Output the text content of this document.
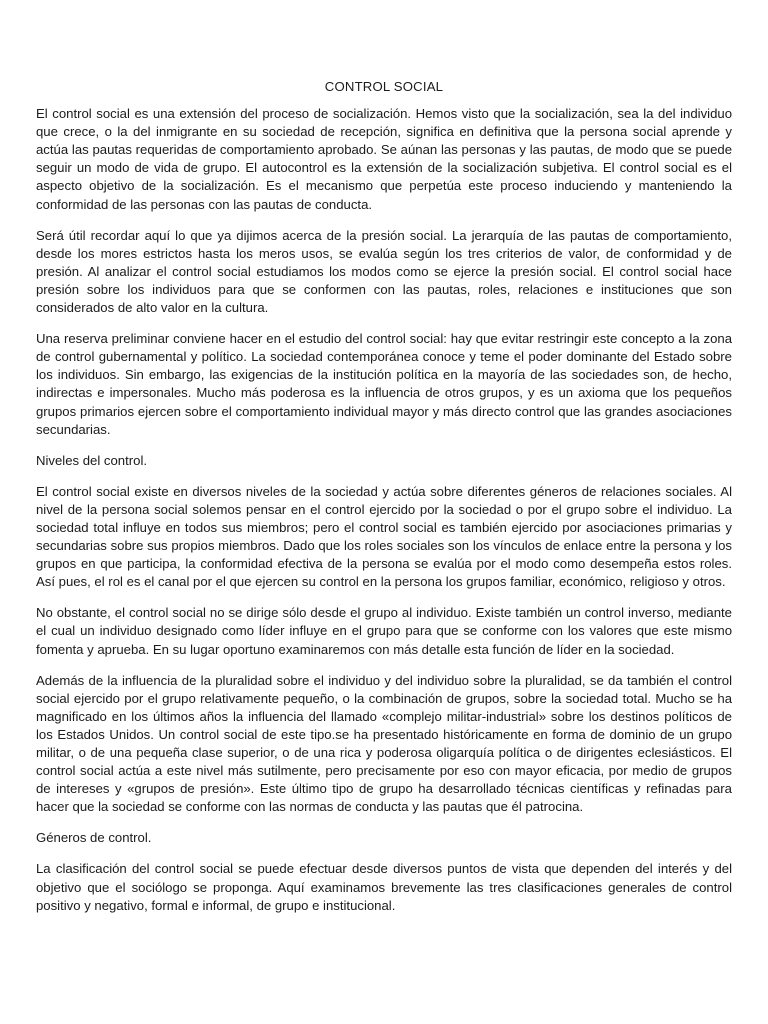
CONTROL SOCIAL

El control social es una extensión del proceso de socialización. Hemos visto que la socialización, sea la del individuo que crece, o la del inmigrante en su sociedad de recepción, significa en definitiva que la persona social aprende y actúa las pautas requeridas de comportamiento aprobado. Se aúnan las personas y las pautas, de modo que se puede seguir un modo de vida de grupo. El autocontrol es la extensión de la socialización subjetiva. El control social es el aspecto objetivo de la socialización. Es el mecanismo que perpetúa este proceso induciendo y manteniendo la conformidad de las personas con las pautas de conducta.

Será útil recordar aquí lo que ya dijimos acerca de la presión social. La jerarquía de las pautas de comportamiento, desde los mores estrictos hasta los meros usos, se evalúa según los tres criterios de valor, de conformidad y de presión. Al analizar el control social estudiamos los modos como se ejerce la presión social. El control social hace presión sobre los individuos para que se conformen con las pautas, roles, relaciones e instituciones que son considerados de alto valor en la cultura.

Una reserva preliminar conviene hacer en el estudio del control social: hay que evitar restringir este concepto a la zona de control gubernamental y político. La sociedad contemporánea conoce y teme el poder dominante del Estado sobre los individuos. Sin embargo, las exigencias de la institución política en la mayoría de las sociedades son, de hecho, indirectas e impersonales. Mucho más poderosa es la influencia de otros grupos, y es un axioma que los pequeños grupos primarios ejercen sobre el comportamiento individual mayor y más directo control que las grandes asociaciones secundarias.

Niveles del control.

El control social existe en diversos niveles de la sociedad y actúa sobre diferentes géneros de relaciones sociales. Al nivel de la persona social solemos pensar en el control ejercido por la sociedad o por el grupo sobre el individuo. La sociedad total influye en todos sus miembros; pero el control social es también ejercido por asociaciones primarias y secundarias sobre sus propios miembros. Dado que los roles sociales son los vínculos de enlace entre la persona y los grupos en que participa, la conformidad efectiva de la persona se evalúa por el modo como desempeña estos roles. Así pues, el rol es el canal por el que ejercen su control en la persona los grupos familiar, económico, religioso y otros.

No obstante, el control social no se dirige sólo desde el grupo al individuo. Existe también un control inverso, mediante el cual un individuo designado como líder influye en el grupo para que se conforme con los valores que este mismo fomenta y aprueba. En su lugar oportuno examinaremos con más detalle esta función de líder en la sociedad.

Además de la influencia de la pluralidad sobre el individuo y del individuo sobre la pluralidad, se da también el control social ejercido por el grupo relativamente pequeño, o la combinación de grupos, sobre la sociedad total. Mucho se ha magnificado en los últimos años la influencia del llamado «complejo militar-industrial» sobre los destinos políticos de los Estados Unidos. Un control social de este tipo.se ha presentado históricamente en forma de dominio de un grupo militar, o de una pequeña clase superior, o de una rica y poderosa oligarquía política o de dirigentes eclesiásticos. El control social actúa a este nivel más sutilmente, pero precisamente por eso con mayor eficacia, por medio de grupos de intereses y «grupos de presión». Este último tipo de grupo ha desarrollado técnicas científicas y refinadas para hacer que la sociedad se conforme con las normas de conducta y las pautas que él patrocina.

Géneros de control.

La clasificación del control social se puede efectuar desde diversos puntos de vista que dependen del interés y del objetivo que el sociólogo se proponga. Aquí examinamos brevemente las tres clasificaciones generales de control positivo y negativo, formal e informal, de grupo e institucional.
